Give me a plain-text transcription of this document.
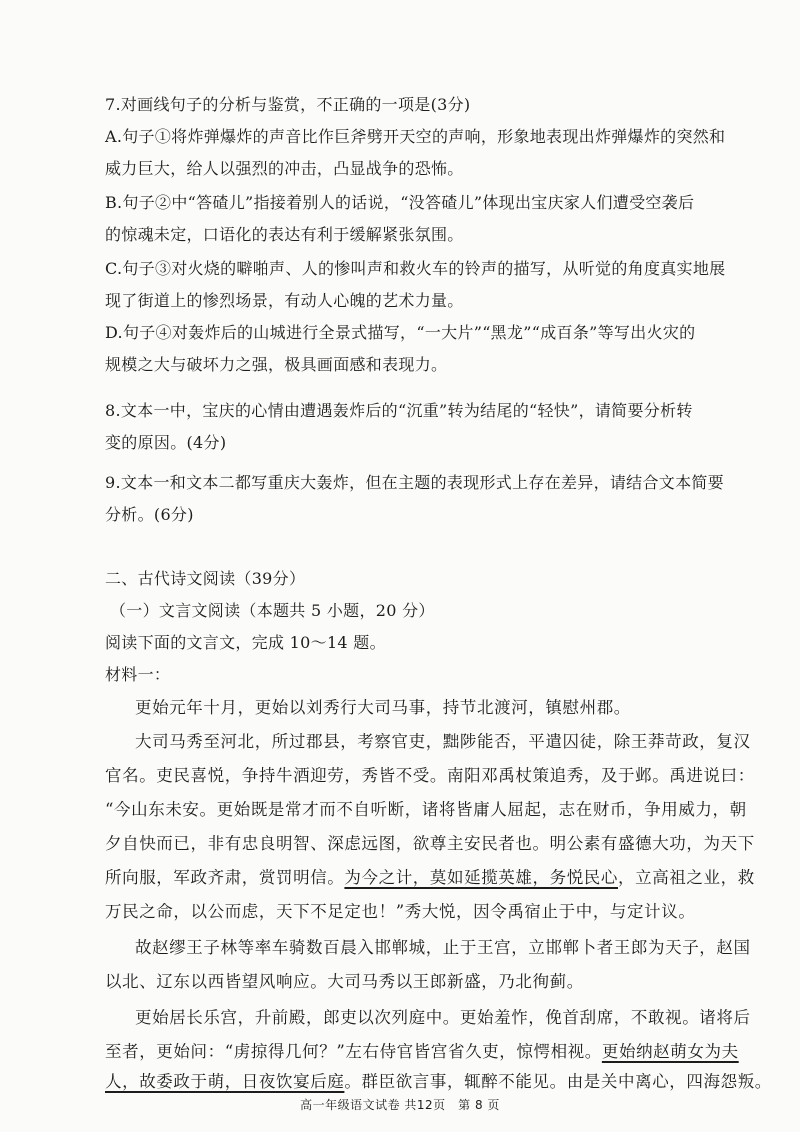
7.对画线句子的分析与鉴赏，不正确的一项是(3分)
A.句子①将炸弹爆炸的声音比作巨斧劈开天空的声响，形象地表现出炸弹爆炸的突然和
威力巨大，给人以强烈的冲击，凸显战争的恐怖。
B.句子②中“答碴儿”指接着别人的话说，“没答碴儿”体现出宝庆家人们遭受空袭后
的惊魂未定，口语化的表达有利于缓解紧张氛围。
C.句子③对火烧的噼啪声、人的惨叫声和救火车的铃声的描写，从听觉的角度真实地展
现了街道上的惨烈场景，有动人心魄的艺术力量。
D.句子④对轰炸后的山城进行全景式描写，“一大片”“黑龙”“成百条”等写出火灾的
规模之大与破坏力之强，极具画面感和表现力。
8.文本一中，宝庆的心情由遭遇轰炸后的“沉重”转为结尾的“轻快”，请简要分析转
变的原因。(4分)
9.文本一和文本二都写重庆大轰炸，但在主题的表现形式上存在差异，请结合文本简要
分析。(6分)
二、古代诗文阅读（39分）
（一）文言文阅读（本题共 5 小题，20 分）
阅读下面的文言文，完成 10～14 题。
材料一：
更始元年十月，更始以刘秀行大司马事，持节北渡河，镇慰州郡。
大司马秀至河北，所过郡县，考察官吏，黜陟能否，平遣囚徒，除王莽苛政，复汉
官名。吏民喜悦，争持牛酒迎劳，秀皆不受。南阳邓禹杖策追秀，及于邺。禹进说曰：
“今山东未安。更始既是常才而不自听断，诸将皆庸人屈起，志在财币，争用威力，朝
夕自快而已，非有忠良明智、深虑远图，欲尊主安民者也。明公素有盛德大功，为天下
所向服，军政齐肃，赏罚明信。为今之计，莫如延揽英雄，务悦民心，立高祖之业，救
万民之命，以公而虑，天下不足定也！”秀大悦，因令禹宿止于中，与定计议。
故赵缪王子林等率车骑数百晨入邯郸城，止于王宫，立邯郸卜者王郎为天子，赵国
以北、辽东以西皆望风响应。大司马秀以王郎新盛，乃北徇蓟。
更始居长乐宫，升前殿，郎吏以次列庭中。更始羞怍，俛首刮席，不敢视。诸将后
至者，更始问：“虏掠得几何？”左右侍官皆宫省久吏，惊愕相视。更始纳赵萌女为夫
人，故委政于萌，日夜饮宴后庭。群臣欲言事，辄醉不能见。由是关中离心，四海怨叛。
高一年级语文试卷 共12页　第 8 页
